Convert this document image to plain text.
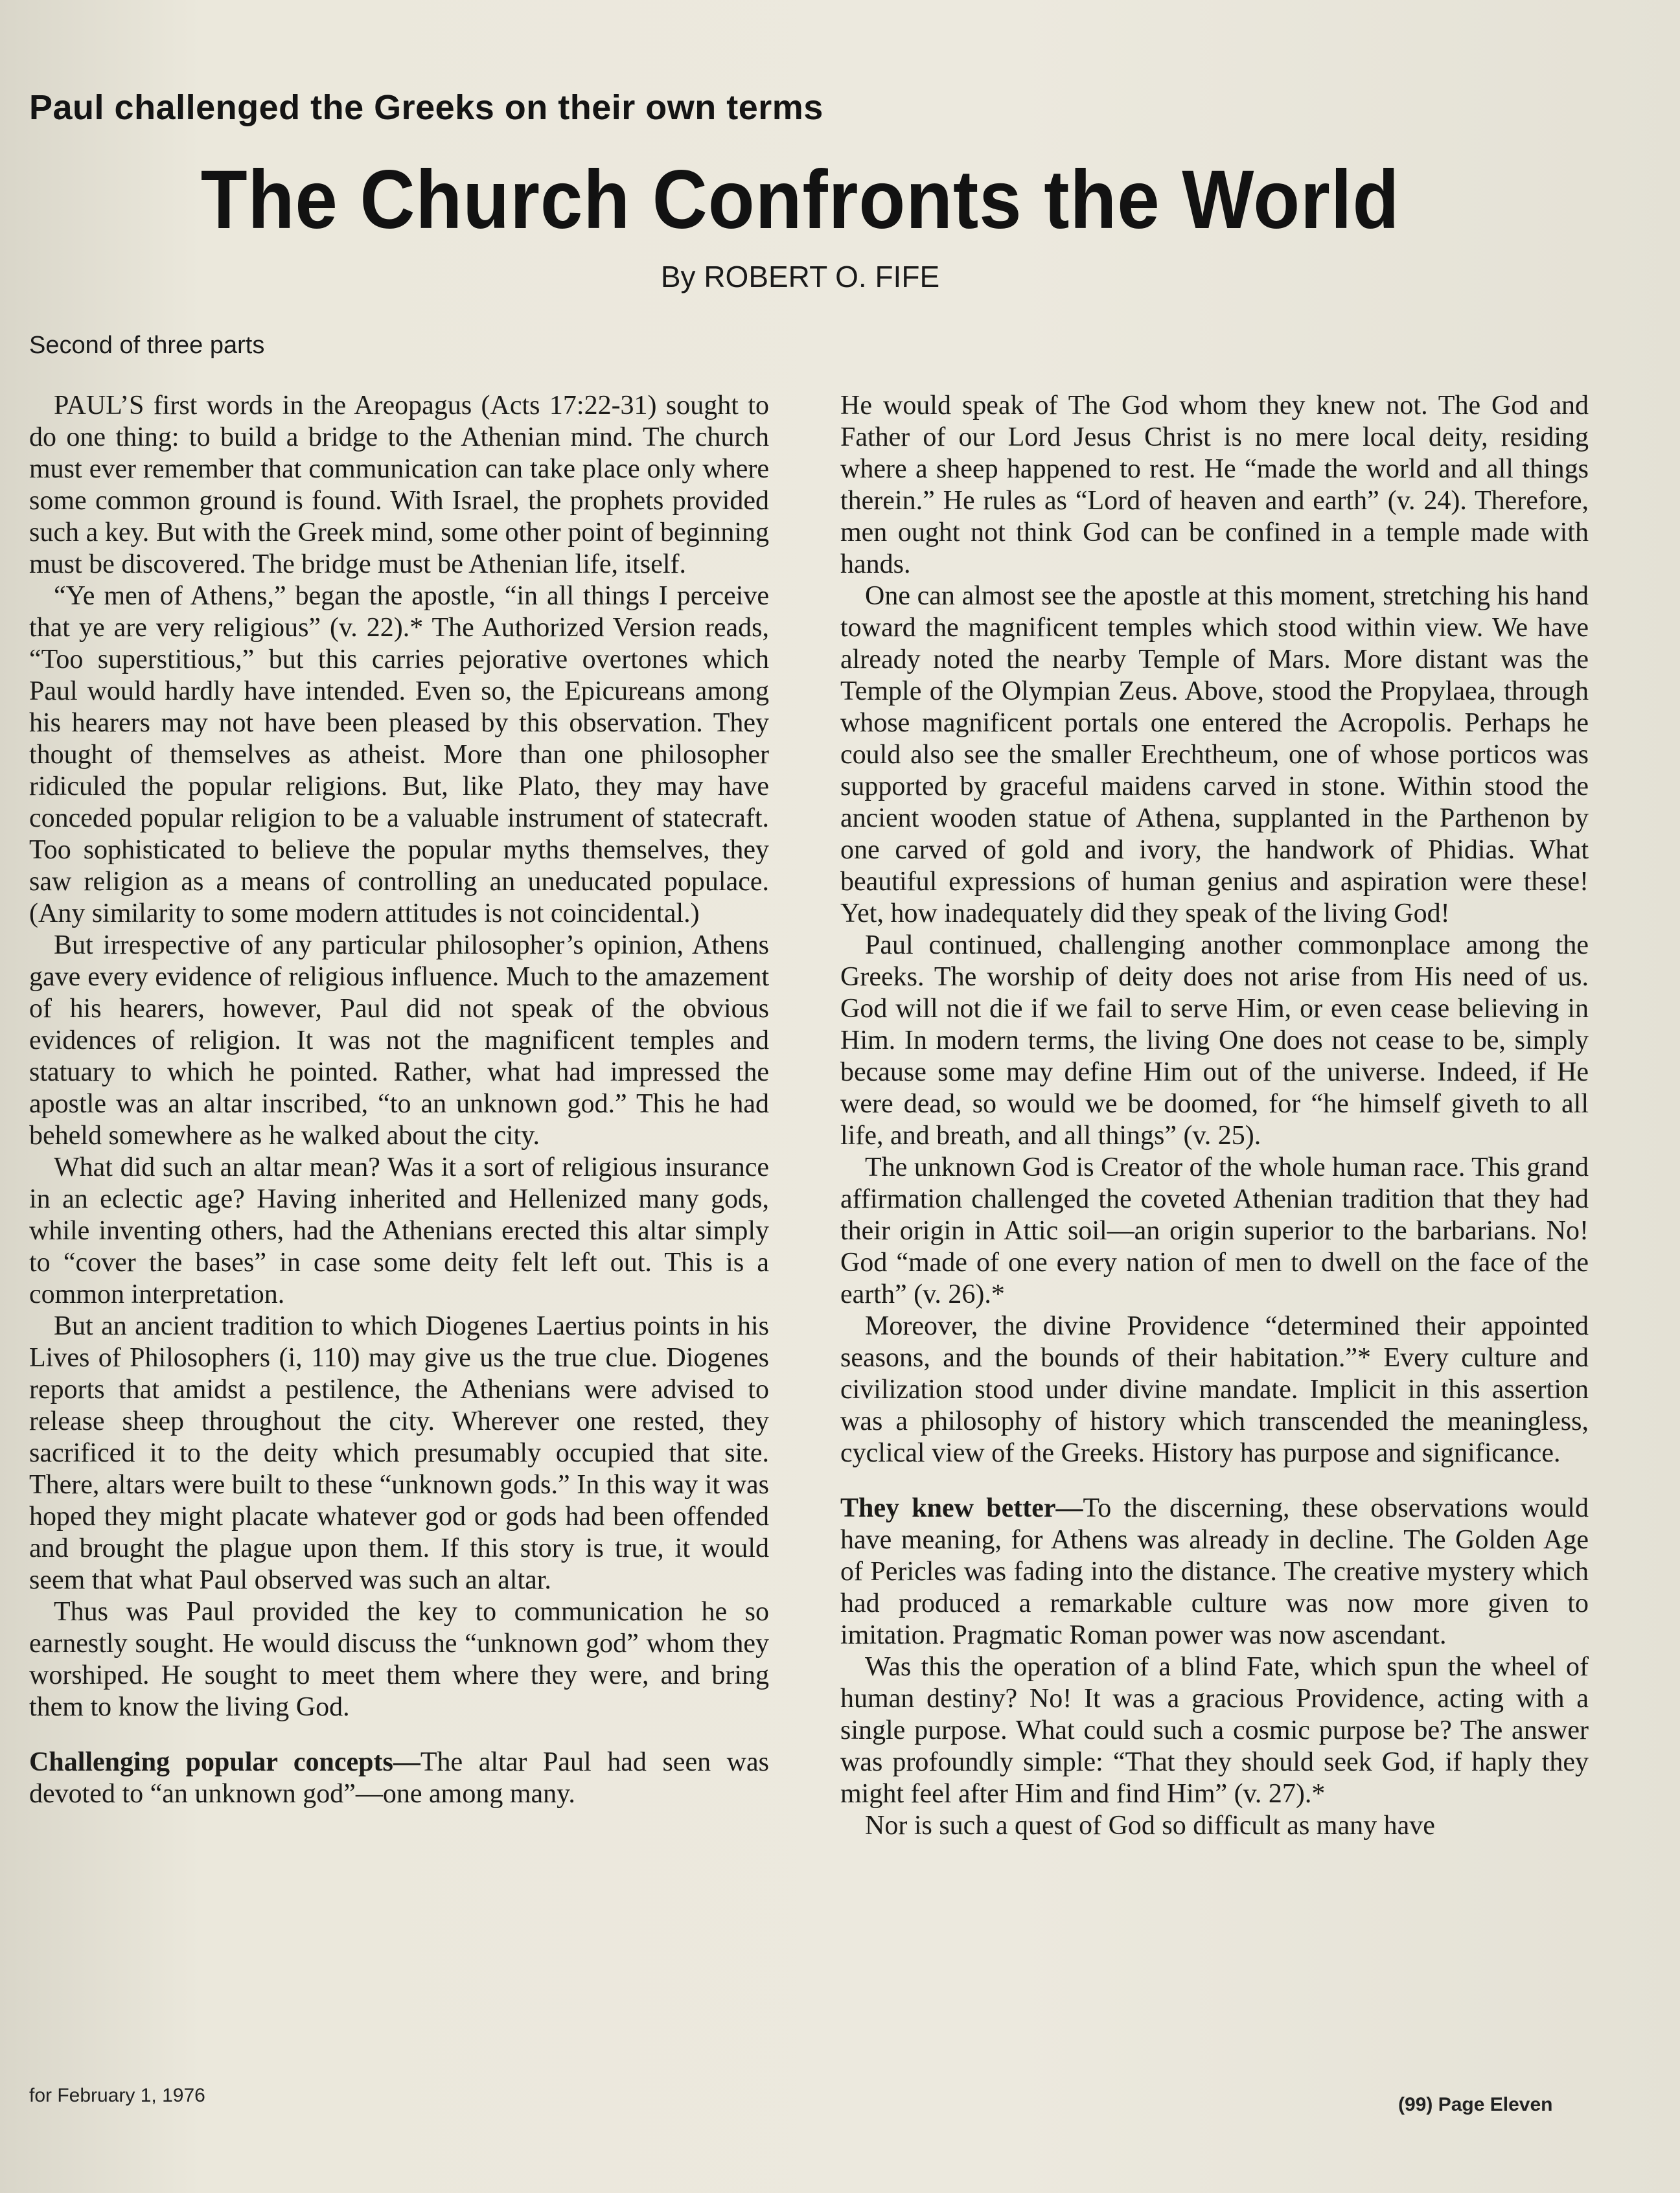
Paul challenged the Greeks on their own terms
The Church Confronts the World
By ROBERT O. FIFE
Second of three parts

PAUL’S first words in the Areopagus (Acts 17:22-31) sought to do one thing: to build a bridge to the Athenian mind. The church must ever remember that communication can take place only where some common ground is found. With Israel, the prophets provided such a key. But with the Greek mind, some other point of beginning must be discovered. The bridge must be Athenian life, itself.

“Ye men of Athens,” began the apostle, “in all things I perceive that ye are very religious” (v. 22).* The Authorized Version reads, “Too superstitious,” but this carries pejorative overtones which Paul would hardly have intended. Even so, the Epicureans among his hearers may not have been pleased by this observation. They thought of themselves as atheist. More than one philosopher ridiculed the popular religions. But, like Plato, they may have conceded popular religion to be a valuable instrument of statecraft. Too sophisticated to believe the popular myths themselves, they saw religion as a means of controlling an uneducated populace. (Any similarity to some modern attitudes is not coincidental.)

But irrespective of any particular philosopher’s opinion, Athens gave every evidence of religious influence. Much to the amazement of his hearers, however, Paul did not speak of the obvious evidences of religion. It was not the magnificent temples and statuary to which he pointed. Rather, what had impressed the apostle was an altar inscribed, “to an unknown god.” This he had beheld somewhere as he walked about the city.

What did such an altar mean? Was it a sort of religious insurance in an eclectic age? Having inherited and Hellenized many gods, while inventing others, had the Athenians erected this altar simply to “cover the bases” in case some deity felt left out. This is a common interpretation.

But an ancient tradition to which Diogenes Laertius points in his Lives of Philosophers (i, 110) may give us the true clue. Diogenes reports that amidst a pestilence, the Athenians were advised to release sheep throughout the city. Wherever one rested, they sacrificed it to the deity which presumably occupied that site. There, altars were built to these “unknown gods.” In this way it was hoped they might placate whatever god or gods had been offended and brought the plague upon them. If this story is true, it would seem that what Paul observed was such an altar.

Thus was Paul provided the key to communication he so earnestly sought. He would discuss the “unknown god” whom they worshiped. He sought to meet them where they were, and bring them to know the living God.

Challenging popular concepts—The altar Paul had seen was devoted to “an unknown god”—one among many.

He would speak of The God whom they knew not. The God and Father of our Lord Jesus Christ is no mere local deity, residing where a sheep happened to rest. He “made the world and all things therein.” He rules as “Lord of heaven and earth” (v. 24). Therefore, men ought not think God can be confined in a temple made with hands.

One can almost see the apostle at this moment, stretching his hand toward the magnificent temples which stood within view. We have already noted the nearby Temple of Mars. More distant was the Temple of the Olympian Zeus. Above, stood the Propylaea, through whose magnificent portals one entered the Acropolis. Perhaps he could also see the smaller Erechtheum, one of whose porticos was supported by graceful maidens carved in stone. Within stood the ancient wooden statue of Athena, supplanted in the Parthenon by one carved of gold and ivory, the handwork of Phidias. What beautiful expressions of human genius and aspiration were these! Yet, how inadequately did they speak of the living God!

Paul continued, challenging another commonplace among the Greeks. The worship of deity does not arise from His need of us. God will not die if we fail to serve Him, or even cease believing in Him. In modern terms, the living One does not cease to be, simply because some may define Him out of the universe. Indeed, if He were dead, so would we be doomed, for “he himself giveth to all life, and breath, and all things” (v. 25).

The unknown God is Creator of the whole human race. This grand affirmation challenged the coveted Athenian tradition that they had their origin in Attic soil—an origin superior to the barbarians. No! God “made of one every nation of men to dwell on the face of the earth” (v. 26).*

Moreover, the divine Providence “determined their appointed seasons, and the bounds of their habitation.”* Every culture and civilization stood under divine mandate. Implicit in this assertion was a philosophy of history which transcended the meaningless, cyclical view of the Greeks. History has purpose and significance.

They knew better—To the discerning, these observations would have meaning, for Athens was already in decline. The Golden Age of Pericles was fading into the distance. The creative mystery which had produced a remarkable culture was now more given to imitation. Pragmatic Roman power was now ascendant.

Was this the operation of a blind Fate, which spun the wheel of human destiny? No! It was a gracious Providence, acting with a single purpose. What could such a cosmic purpose be? The answer was profoundly simple: “That they should seek God, if haply they might feel after Him and find Him” (v. 27).*

Nor is such a quest of God so difficult as many have

for February 1, 1976	(99) Page Eleven
